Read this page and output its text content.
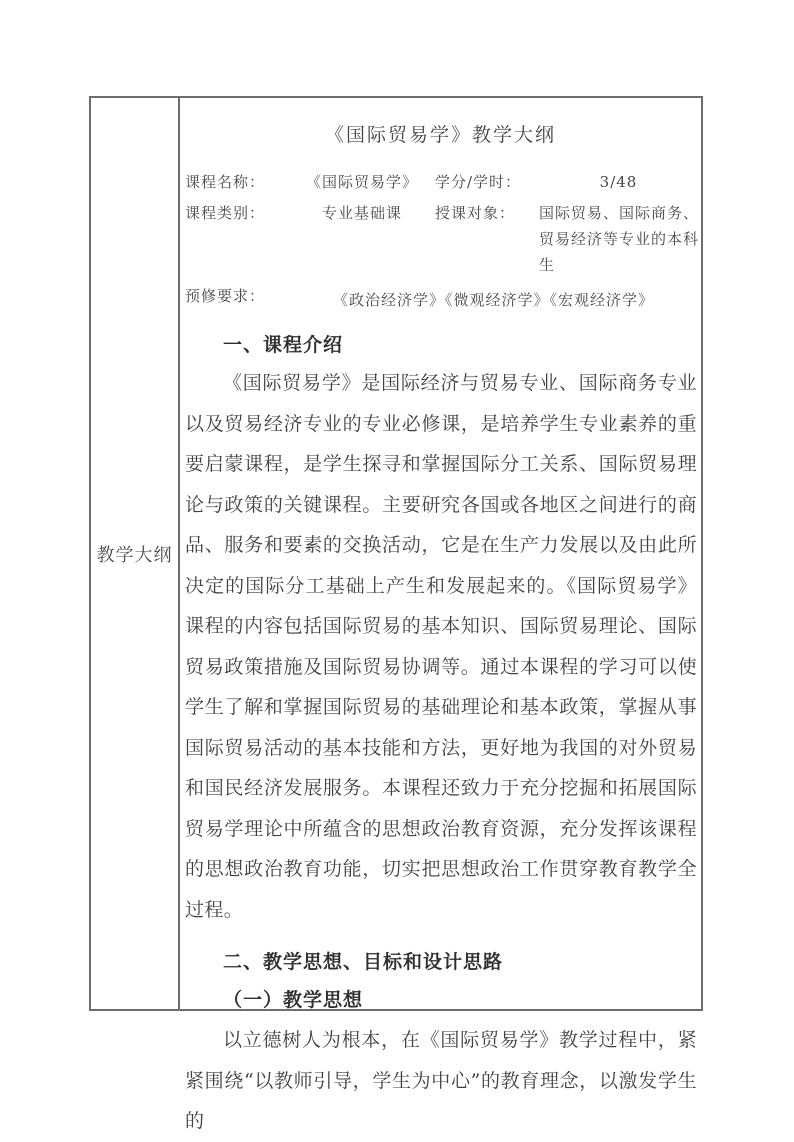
教学大纲
《国际贸易学》教学大纲
课程名称：	《国际贸易学》	学分/学时：	3/48
课程类别：	专业基础课	授课对象：	国际贸易、国际商务、贸易经济等专业的本科生
预修要求：	《政治经济学》《微观经济学》《宏观经济学》
一、课程介绍
《国际贸易学》是国际经济与贸易专业、国际商务专业以及贸易经济专业的专业必修课，是培养学生专业素养的重要启蒙课程，是学生探寻和掌握国际分工关系、国际贸易理论与政策的关键课程。主要研究各国或各地区之间进行的商品、服务和要素的交换活动，它是在生产力发展以及由此所决定的国际分工基础上产生和发展起来的。《国际贸易学》课程的内容包括国际贸易的基本知识、国际贸易理论、国际贸易政策措施及国际贸易协调等。通过本课程的学习可以使学生了解和掌握国际贸易的基础理论和基本政策，掌握从事国际贸易活动的基本技能和方法，更好地为我国的对外贸易和国民经济发展服务。本课程还致力于充分挖掘和拓展国际贸易学理论中所蕴含的思想政治教育资源，充分发挥该课程的思想政治教育功能，切实把思想政治工作贯穿教育教学全过程。
二、教学思想、目标和设计思路
（一）教学思想
以立德树人为根本，在《国际贸易学》教学过程中，紧紧围绕“以教师引导，学生为中心”的教育理念，以激发学生的
